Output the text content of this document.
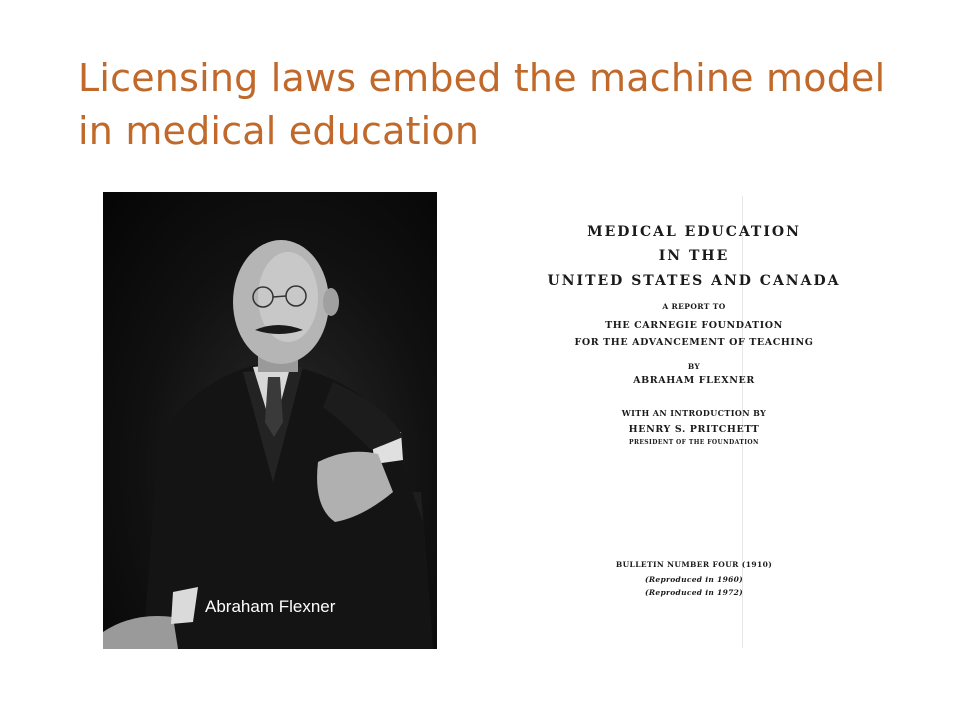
Licensing laws embed the machine model in medical education
Abraham Flexner
MEDICAL EDUCATION
IN THE
UNITED STATES AND CANADA
A REPORT TO
THE CARNEGIE FOUNDATION
FOR THE ADVANCEMENT OF TEACHING
BY
ABRAHAM FLEXNER
WITH AN INTRODUCTION BY
HENRY S. PRITCHETT
PRESIDENT OF THE FOUNDATION
BULLETIN NUMBER FOUR (1910)
(Reproduced in 1960)
(Reproduced in 1972)
